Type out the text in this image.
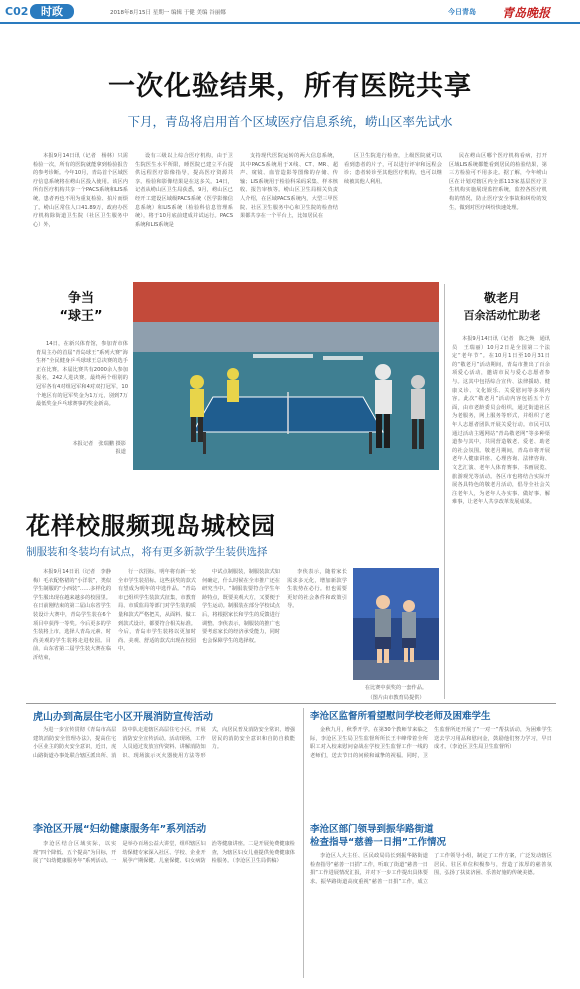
C02	时政	2018年8月15日 星期一 编辑 于健 美编 谷丽娜	今日青岛 青岛晚报
一次化验结果，所有医院共享
下月，青岛将启用首个区域医疗信息系统，崂山区率先试水

本报9月14日讯（记者　杨林）只需检验一次，所有的医院就能拿到检验报告的参考诊断。今年10月，青岛首个区域医疗信息系统将在崂山区投入使用。该区内所有医疗机构共享一个PACS系统和LIS系统，患者再也不用为重复检验、拍片而烦了。崂山区常住人口41.89万，政府办医疗机构除街道卫生院（社区卫生服务中心）外，

设有三级以上综合医疗机构，由于卫生院医生水平所限，睡医院已建立平台提供远程医疗影像指导，提高医疗资源共享。检验和影像结果是在这多关。14日，记者从崂山区卫生局获悉，9月，崂山区已经开工建设区域级PACS系统（医学影像信息系统）和LIS系统（检验科信息管理系统），将于10月底前建成并试运行。PACS系统和LIS系统是

支持现代医院运转的两大信息系统，其中PACS系统用于X线、CT、MR、超声、窥镜、血管造影等图像的存储、传输；LIS系统用于检验科采码采集、样本核收、报告审核等。崂山区卫生局相关负责人介绍，在区域PACS系统内，大型三甲医院、社区卫生服务中心和卫生院的检查结果都共享在一个平台上，比如居民在

区卫生院进行检查，上级医院就可以看到患者的片子，可以进行评审和远程会诊；患者转诊至其他医疗机构，也可以继续被其他人利用。

民在崂山区哪个医疗机构看病，打开区域LIS系统都能看到居民的检验结果，第三方检验可不用多走。据了解，今年崂山区在计划对辖区内全部113家基层医疗卫生机构实施展现监控系统，监控各医疗机构的情况，防止医疗安全事故和纠纷的发生，做到对医疗纠纷快速处理。

争当
“球王”

14日，在新兴体育馆，参加青市体育局主办的首届“青岛球王”系列大赛“海生杯”全民健身乒乓球球王总决赛的选手正在比赛。本届比赛共有2000余人参加报名，242人进决赛。最终两个组别的冠军各有4对组冠军和4对双打冠军，10个地区有的冠军奖金为1万元，别到7万最低奖金乒乓球赛事的奖金新高。

本报记者　张瑞鹏 摄影报道
敬老月
百余活动忙助老

本报9月14日讯（记者　陈之焕　通讯员　王瑞丽）10月2日是全国第二个法定“老年节”。在10月1日至10月31日的“敬老月”活动期间，青岛市推出了百余项爱心活动，邀请市民与爱心志愿者参与。这其中包括综合宣传、法律援助、健康义诊、文化娱乐、关爱慰问等多项内容。此次“敬老月”活动内容包括五个方面，由市老龄委员会组织，通过街道社区为老服务，网上服务等形式，并组织了老年人志愿者团队开展关爱行动。市民可以通过活动主题网站“青岛敬老网”等多种渠道参与其中，共同营造敬老、爱老、助老的社会氛围。敬老月期间，青岛市将开展老年人健康讲座、心理咨询、法律咨询、文艺汇演、老年人体育赛事、书画展览、旅游观光等活动。各区市也将结合实际开展各具特色的敬老月活动，倡导全社会关注老年人，为老年人办实事、做好事、解难事，让老年人共享改革发展成果。

花样校服频现岛城校园
制服装和冬装均有试点，将有更多新款学生装供选择

本报9月14日讯（记者　李静梅）毛衣配格裙的“小洋装”，类似学生制服的“小西装”……多样化的学生服出现在越来越多的校园里。在日前刚结束的第二届山东省学生装设计大赛中，青岛学生装在6个项目中获得一等奖。今后更多的学生装将上市，选择人青岛元素、时尚美观的学生装将走进校园。目前，山东省第二届学生装大赛在临沂结束，

行一次招标，明年将有新一轮全市学生装招标。这些获奖的款式有望成为明年的中选作品。“青岛市已组织学生装款式征集，市教育局、市质监局等部门对学生装的质量和款式严格把关，从面料、做工到款式设计，都要符合相关标准。今后，青岛市学生装将以更加时尚、美观、舒适的款式出现在校园中。

中试点制服装，制服装款式如何确定，什么时候在全市推广还在研究当中。“制服装要符合学生年龄特点，既要美观大方，又要便于学生运动。制服装在部分学校试点后，将根据家长和学生的反馈进行调整。李侠表示，制服装的推广也要考虑家长的经济承受能力，同时也会保障学生的选择权。

李侠表示，随着家长需求多元化，增加新款学生装势在必行。但也需要更好的社会条件和政策引导。

在比赛中获奖的一套作品。
（图片由市教育局提供）
虎山办到高层住宅小区开展消防宣传活动

为进一步宣传贯彻《青岛市高层建筑消防安全管理办法》，提高住宅小区业主的防火安全意识，近日，虎山路街道办事处联合辖区派出所、消防中队走进辖区高层住宅小区，开展消防安全宣传活动。活动现场，工作人员通过发放宣传资料、讲解消防知识、现场演示灭火器使用方法等形式，向居民普及消防安全常识，增强居民的消防安全意识和自防自救能力。

李沧区开展“妇幼健康服务年”系列活动

李沧区结合区域实际，以实现“四个降低、五个提高”为目标，开展了“妇幼健康服务年”系列活动。一是举办百场公益大讲堂，组织辖区妇幼保健专家深入社区、学校、企业开展孕产期保健、儿童保健、妇女病防治等健康讲座。二是开展免费健康检查，为辖区妇女儿童提供免费健康体检服务。（李沧区卫生局供稿）

李沧区监督所看望慰问学校老师及困难学生

金秋九月，秋季开学。在第30个教师节来临之际，李沧区卫生局卫生监督所所长王丰峰带着全所职工对入校来慰问奋战在学校卫生监督工作一线的老师们，送去节日的问候和诚挚的祝福。同时，卫生监督所还开展了“一对一”帮扶活动，为困难学生送去学习用品和慰问金，鼓励他们努力学习，早日成才。（李沧区卫生局卫生监督所）

李沧区部门领导到振华路街道
检查指导“慈善一日捐”工作情况

李沧区人大主任、区民政局局长到振华路街道检查指导“慈善一日捐”工作，听取了街道“慈善一日捐”工作进展情况汇报，并对下一步工作提出具体要求。振华路街道高度重视“慈善一日捐”工作，成立了工作领导小组，制定了工作方案，广泛发动辖区居民、驻区单位积极参与，营造了浓厚的慈善氛围，弘扬了扶贫济困、乐善好施的传统美德。
